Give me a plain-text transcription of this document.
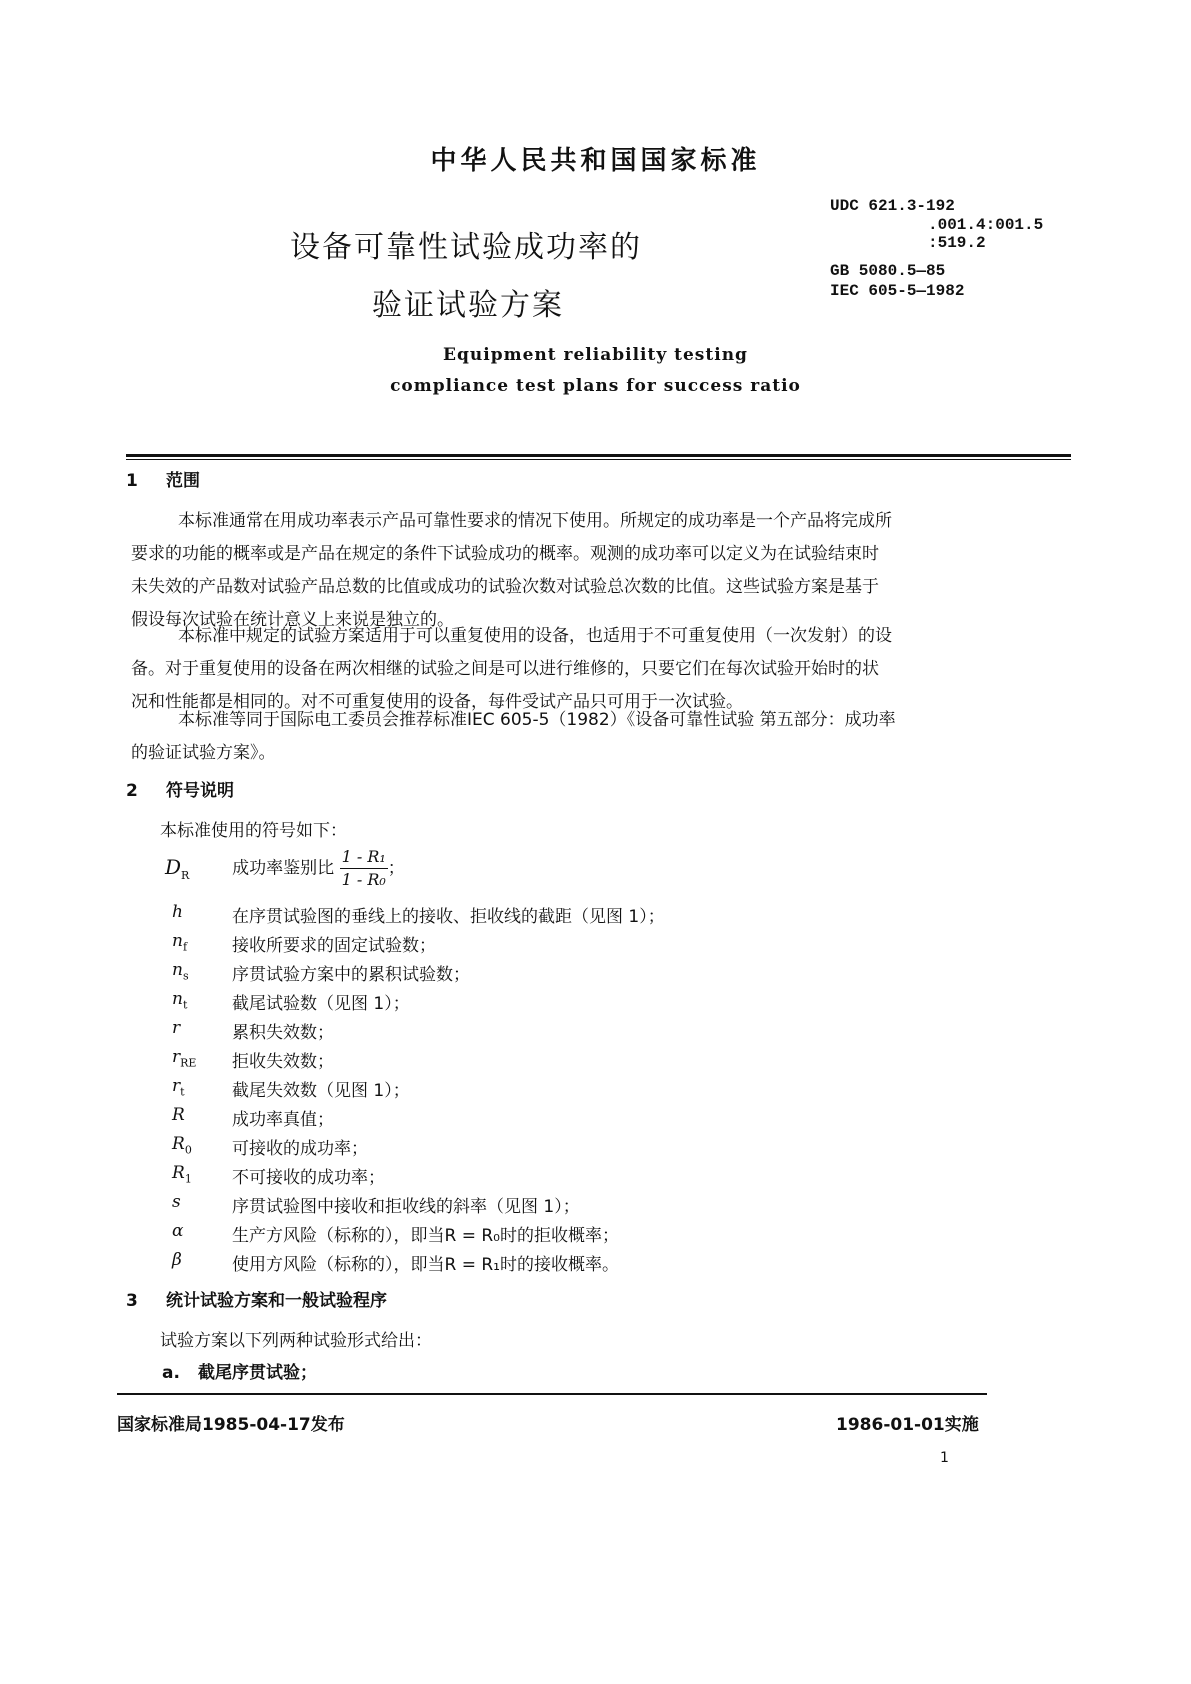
中华人民共和国国家标准
设备可靠性试验成功率的
验证试验方案
Equipment reliability testing
compliance test plans for success ratio
UDC 621.3-192
.001.4:001.5
:519.2
GB 5080.5—85
IEC 605-5—1982
1 范围
本标准通常在用成功率表示产品可靠性要求的情况下使用。所规定的成功率是一个产品将完成所
要求的功能的概率或是产品在规定的条件下试验成功的概率。观测的成功率可以定义为在试验结束时
未失效的产品数对试验产品总数的比值或成功的试验次数对试验总次数的比值。这些试验方案是基于
假设每次试验在统计意义上来说是独立的。
本标准中规定的试验方案适用于可以重复使用的设备，也适用于不可重复使用（一次发射）的设
备。对于重复使用的设备在两次相继的试验之间是可以进行维修的，只要它们在每次试验开始时的状
况和性能都是相同的。对不可重复使用的设备，每件受试产品只可用于一次试验。
本标准等同于国际电工委员会推荐标准IEC 605-5（1982）《设备可靠性试验 第五部分：成功率
的验证试验方案》。
2 符号说明
本标准使用的符号如下：
$D_R$	成功率鉴别比 $\frac{\text{1 - R₁}}{\text{1 - R₀}}$ ；
h	在序贯试验图的垂线上的接收、拒收线的截距（见图 1）；
$n_f$	接收所要求的固定试验数；
$n_s$	序贯试验方案中的累积试验数；
$n_t$	截尾试验数（见图 1）；
r	累积失效数；
$r_{RE}$ 拒收失效数；
$r_t$	截尾失效数（见图 1）；
R	成功率真值；
$R_0$ 可接收的成功率；
$R_1$ 不可接收的成功率；
s	序贯试验图中接收和拒收线的斜率（见图 1）；
α	生产方风险（标称的），即当R = R₀时的拒收概率；
β	使用方风险（标称的），即当R = R₁时的接收概率。
3 统计试验方案和一般试验程序
试验方案以下列两种试验形式给出：
a. 截尾序贯试验；
国家标准局1985-04-17发布	1986-01-01实施
1
